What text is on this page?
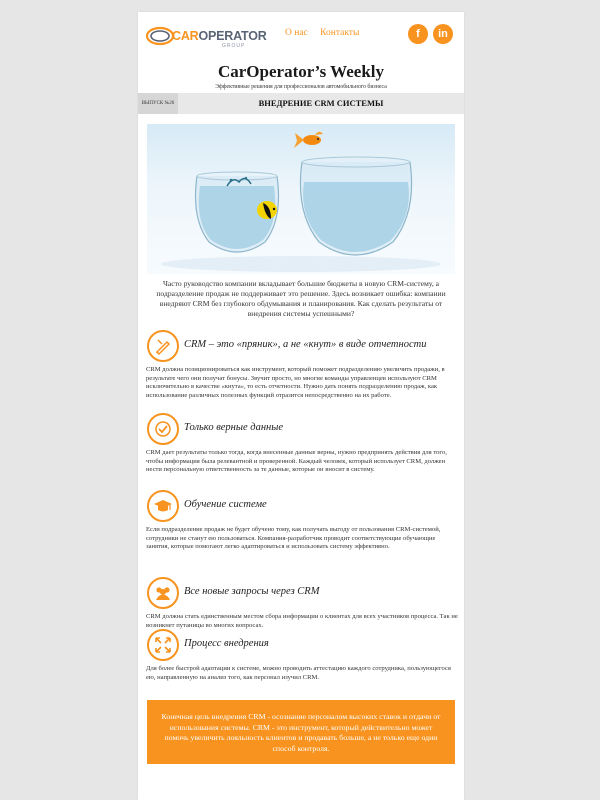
CAROPERATOR
GROUP
О нас Контакты	f in
CarOperator’s Weekly
Эффективные решения для профессионалов автомобильного бизнеса
ВЫПУСК №26	ВНЕДРЕНИЕ CRM СИСТЕМЫ
Часто руководство компании вкладывает большие бюджеты в новую CRM-систему, а подразделение продаж не поддерживает это решение. Здесь возникает ошибка: компании внедряют CRM без глубокого обдумывания и планирования. Как сделать результаты от внедрения системы успешными?
CRM – это «пряник», а не «кнут» в виде отчетности
CRM должна позиционироваться как инструмент, который поможет подразделению увеличить продажи, в результате чего они получат бонусы. Звучит просто, но многие команды управленцев используют CRM исключительно в качестве «кнута», то есть отчетности. Нужно дать понять подразделению продаж, как использование различных полезных функций отразится непосредственно на их работе.
Только верные данные
CRM дает результаты только тогда, когда внесенные данные верны, нужно предпринять действия для того, чтобы информация была релевантной и проверенной. Каждый человек, который использует CRM, должен нести персональную ответственность за те данные, которые он вносит в систему.
Обучение системе
Если подразделение продаж не будет обучено тому, как получать выгоду от пользования CRM-системой, сотрудники не станут ею пользоваться. Компания-разработчик проводит соответствующие обучающие занятия, которые помогают легко адаптироваться и использовать систему эффективно.
Все новые запросы через CRM
CRM должна стать единственным местом сбора информации о клиентах для всех участников процесса. Так не возникнет путаницы во многих вопросах.
Процесс внедрения
Для более быстрой адаптации к системе, можно проводить аттестацию каждого сотрудника, пользующегося ею, направленную на анализ того, как персонал изучил CRM.
Конечная цель внедрения CRM - осознание персоналом высоких ставок и отдачи от использования системы. CRM - это инструмент, который действительно может помочь увеличить лояльность клиентов и продавать больше, а не только еще один способ контроля.
